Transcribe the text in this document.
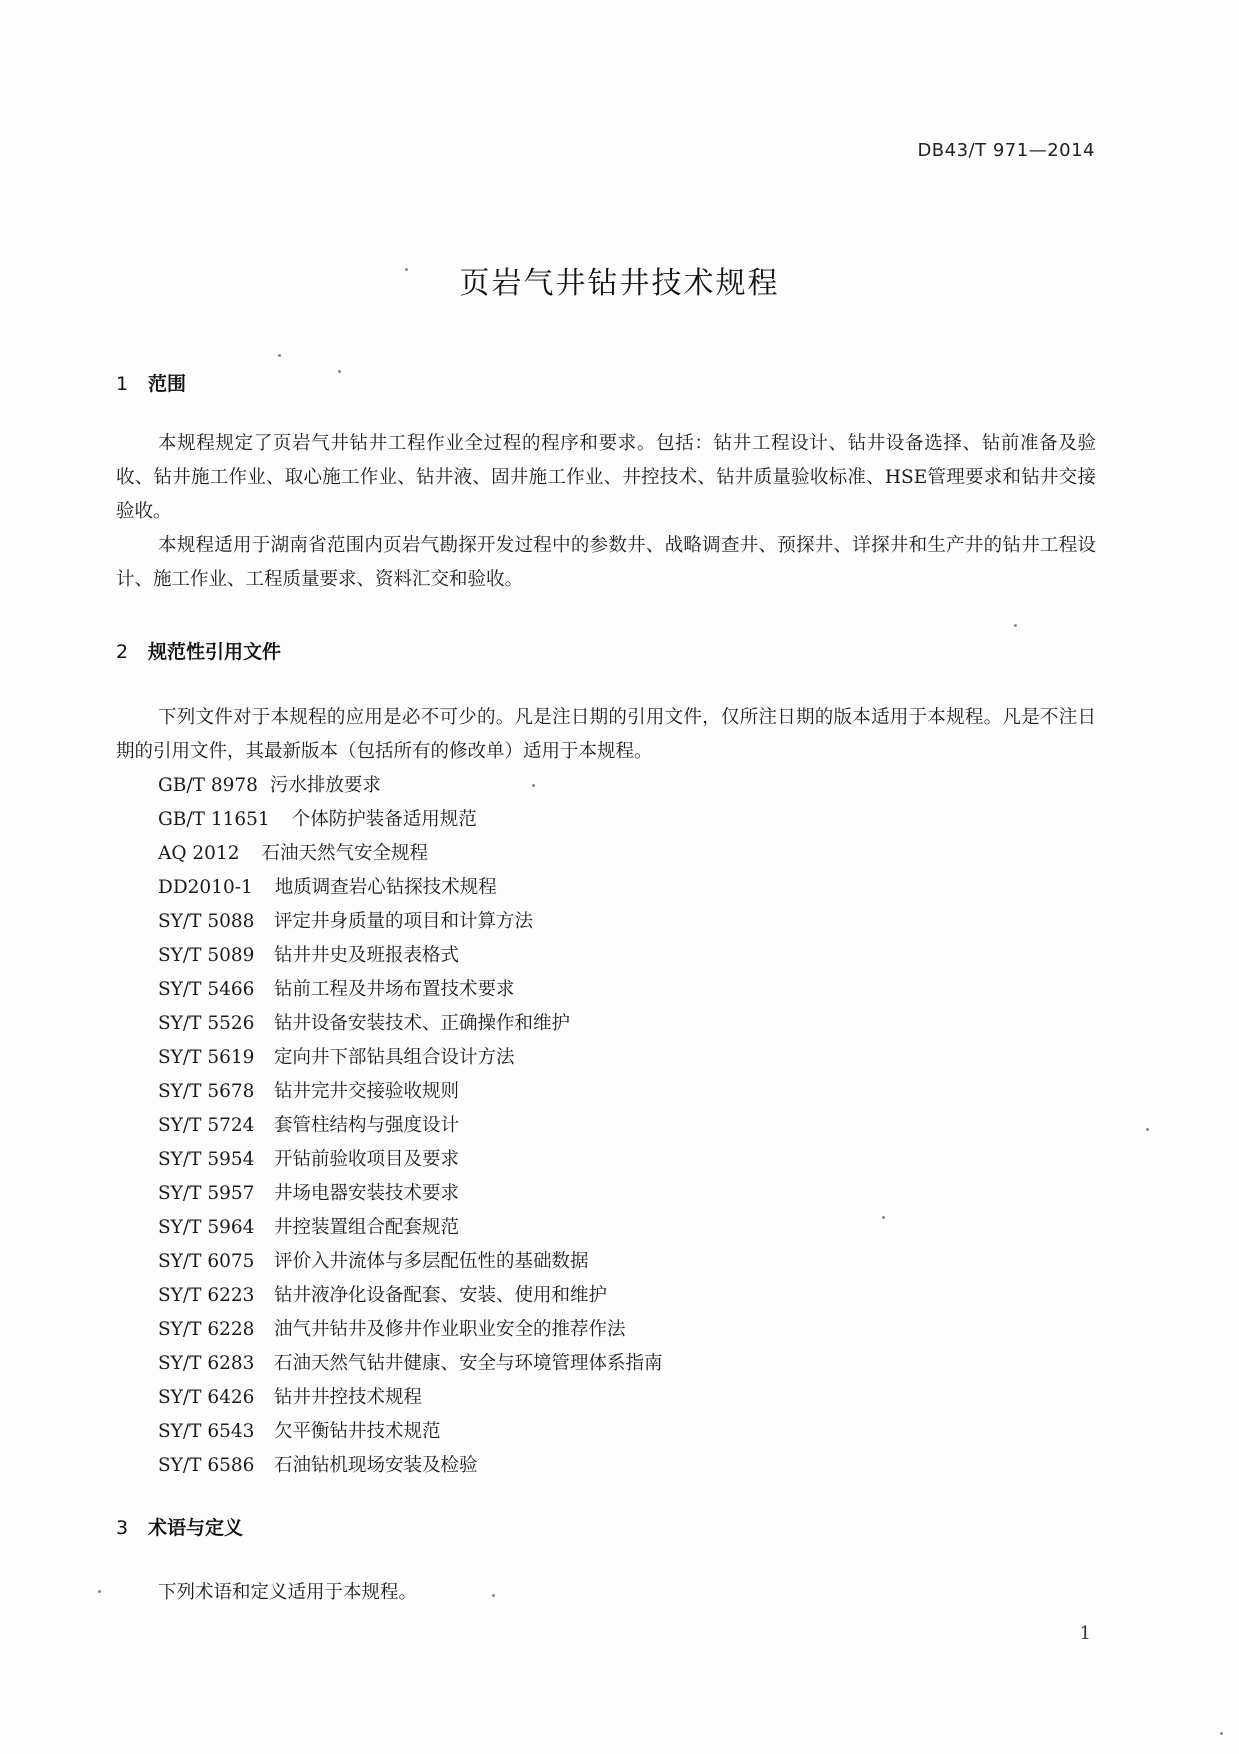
DB43/T 971—2014
页岩气井钻井技术规程
1 范围

本规程规定了页岩气井钻井工程作业全过程的程序和要求。包括：钻井工程设计、钻井设备选择、钻前准备及验收、钻井施工作业、取心施工作业、钻井液、固井施工作业、井控技术、钻井质量验收标准、HSE管理要求和钻井交接验收。

本规程适用于湖南省范围内页岩气勘探开发过程中的参数井、战略调查井、预探井、详探井和生产井的钻井工程设计、施工作业、工程质量要求、资料汇交和验收。

2 规范性引用文件

下列文件对于本规程的应用是必不可少的。凡是注日期的引用文件，仅所注日期的版本适用于本规程。凡是不注日期的引用文件，其最新版本（包括所有的修改单）适用于本规程。

GB/T 8978 污水排放要求
GB/T 11651 个体防护装备适用规范
AQ 2012 石油天然气安全规程
DD2010-1 地质调查岩心钻探技术规程
SY/T 5088 评定井身质量的项目和计算方法
SY/T 5089 钻井井史及班报表格式
SY/T 5466 钻前工程及井场布置技术要求
SY/T 5526 钻井设备安装技术、正确操作和维护
SY/T 5619 定向井下部钻具组合设计方法
SY/T 5678 钻井完井交接验收规则
SY/T 5724 套管柱结构与强度设计
SY/T 5954 开钻前验收项目及要求
SY/T 5957 井场电器安装技术要求
SY/T 5964 井控装置组合配套规范
SY/T 6075 评价入井流体与多层配伍性的基础数据
SY/T 6223 钻井液净化设备配套、安装、使用和维护
SY/T 6228 油气井钻井及修井作业职业安全的推荐作法
SY/T 6283 石油天然气钻井健康、安全与环境管理体系指南
SY/T 6426 钻井井控技术规程
SY/T 6543 欠平衡钻井技术规范
SY/T 6586 石油钻机现场安装及检验
3 术语与定义

下列术语和定义适用于本规程。

1
